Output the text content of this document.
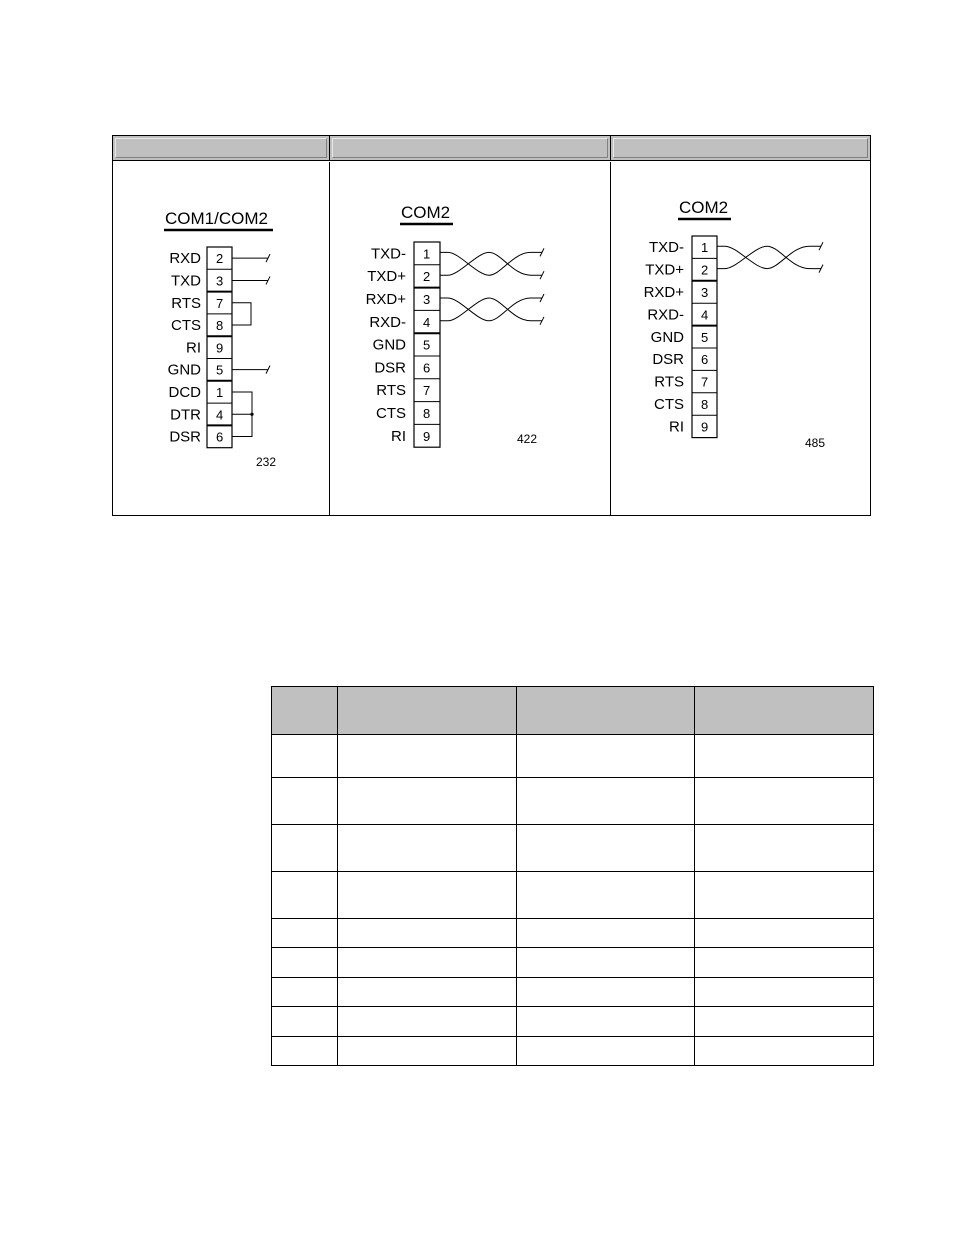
COM1/COM2
RXD 2
TXD 3
RTS 7
CTS 8
RI 9
GND 5
DCD 1
DTR 4
DSR 6
232
COM2
TXD- 1
TXD+ 2
RXD+ 3
RXD- 4
GND 5
DSR 6
RTS 7
CTS 8
RI 9	422
COM2
TXD- 1
TXD+ 2
RXD+ 3
RXD- 4
GND 5
DSR 6
RTS 7
CTS 8
RI 9
485
